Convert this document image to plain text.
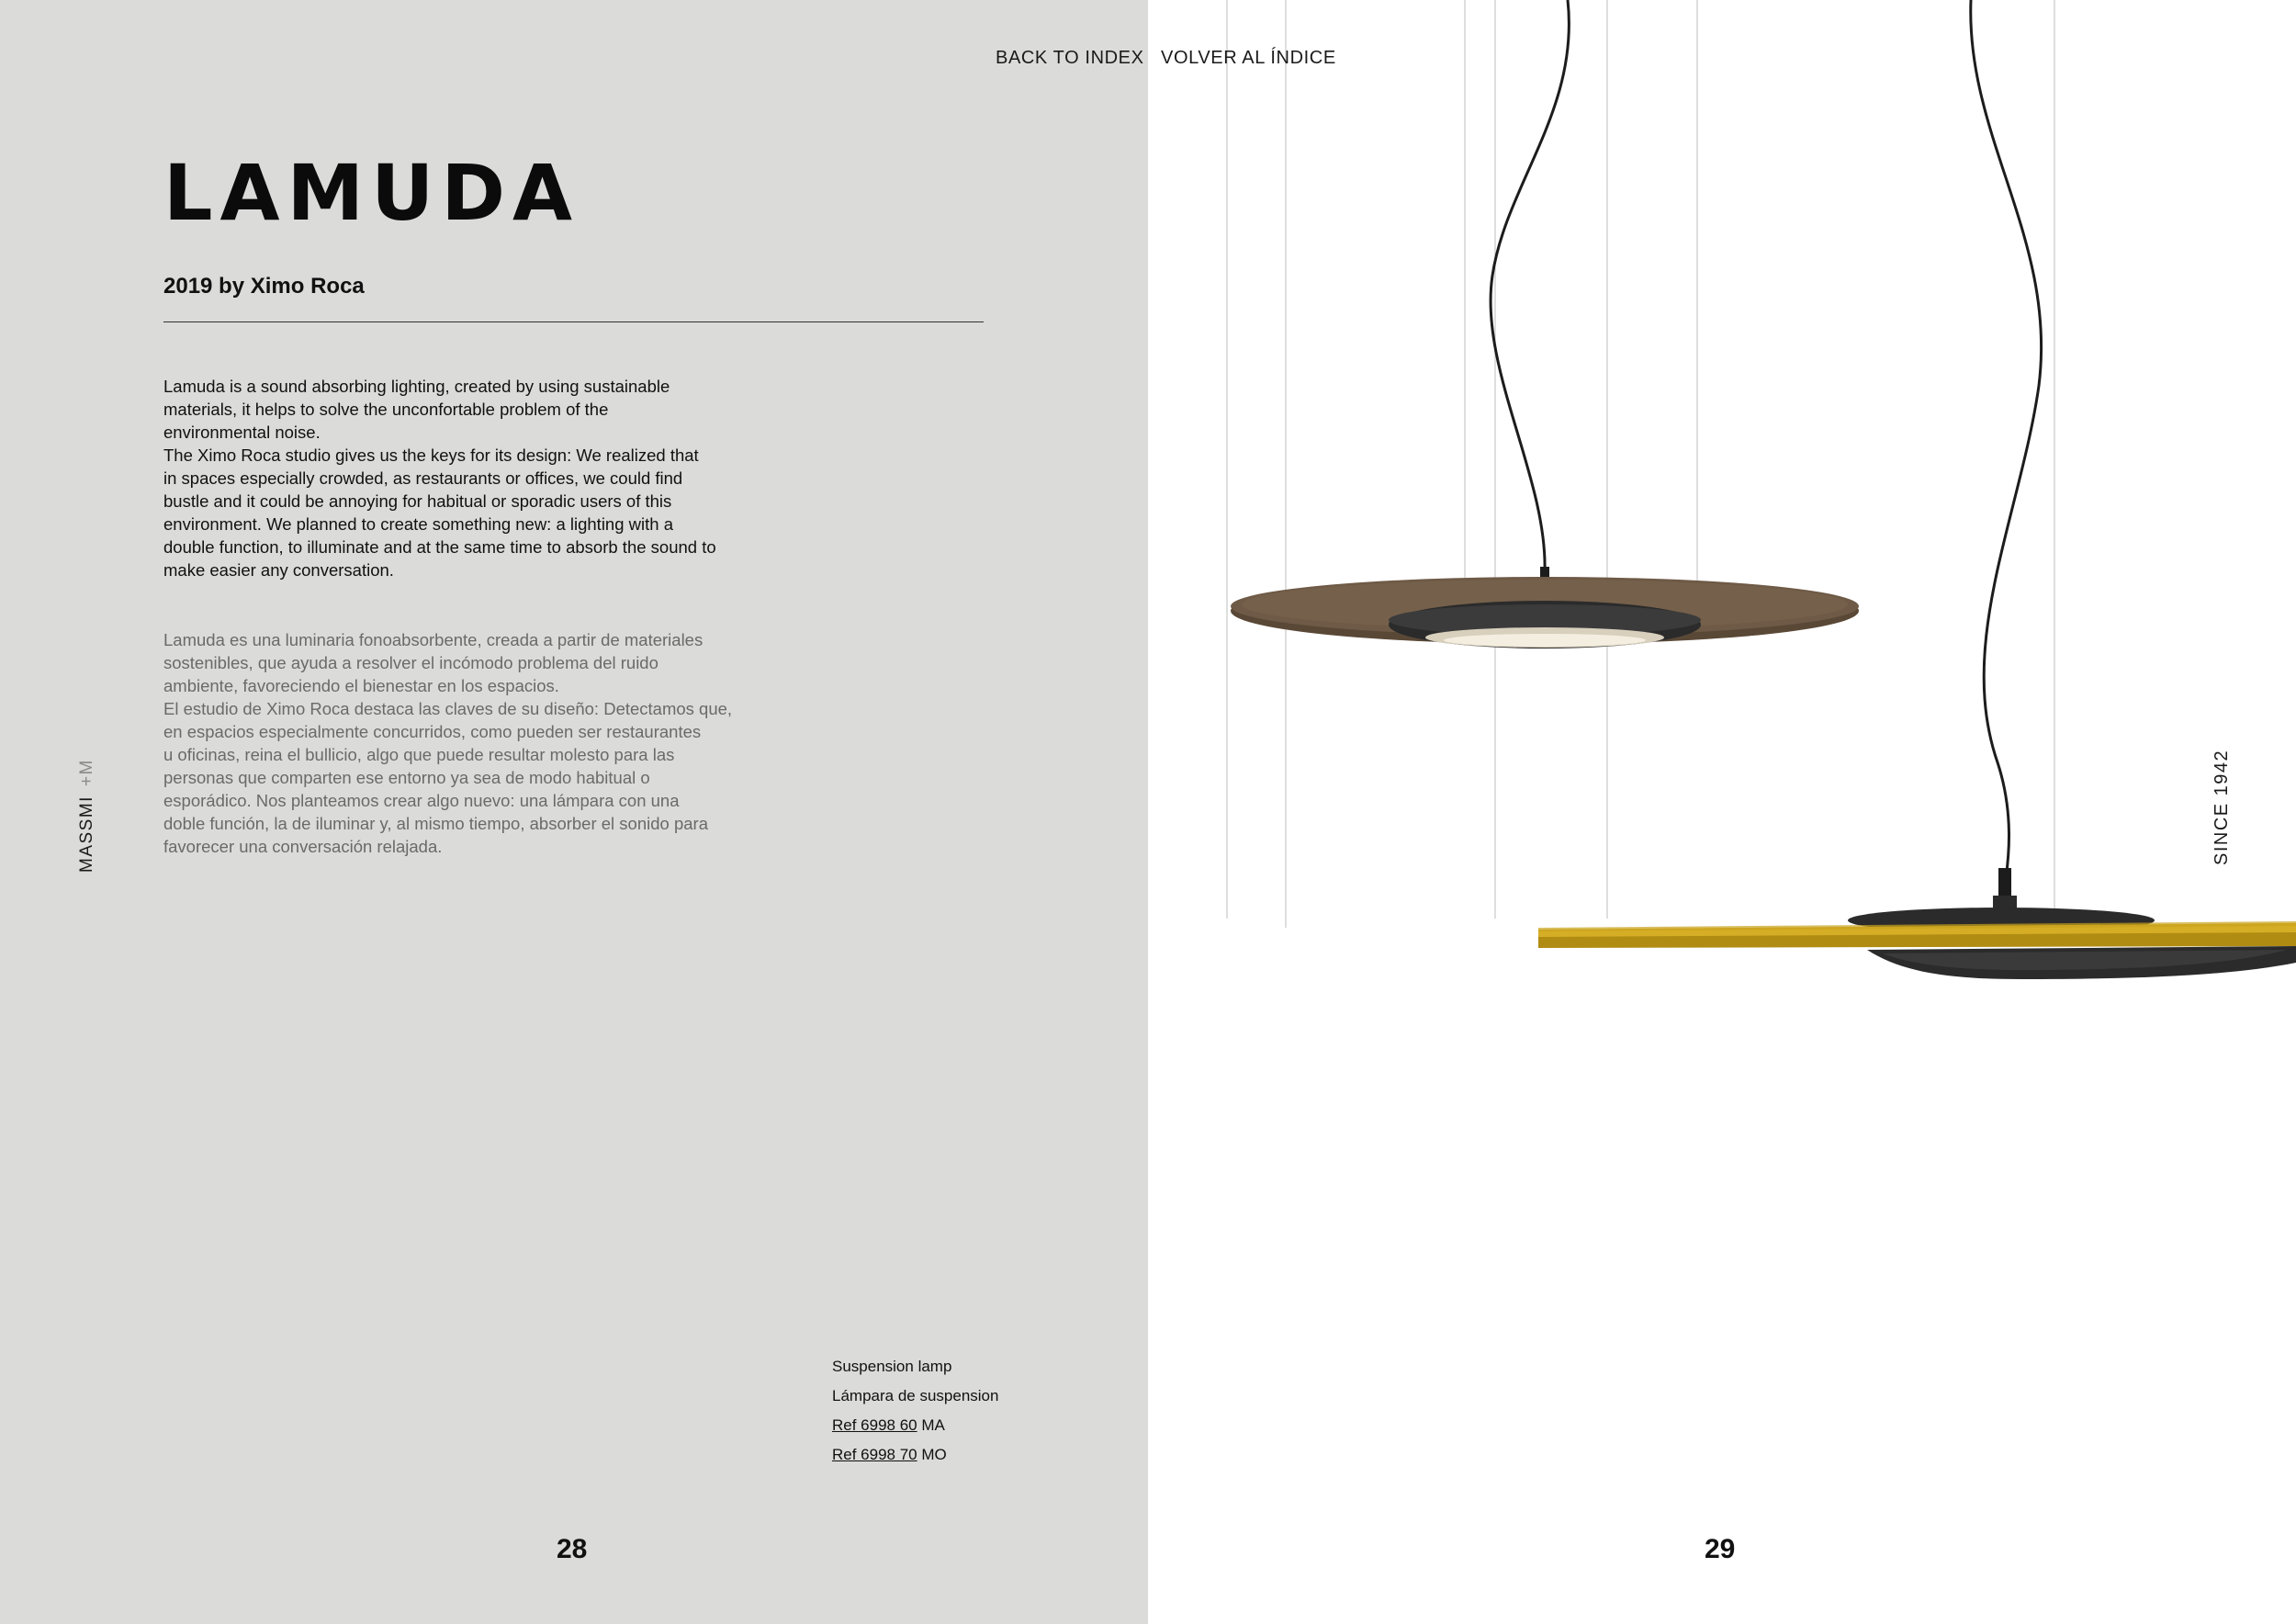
LAMUDA
2019 by Ximo Roca

Lamuda is a sound absorbing lighting, created by using sustainable

materials, it helps to solve the unconfortable problem of the

environmental noise.

The Ximo Roca studio gives us the keys for its design: We realized that

in spaces especially crowded, as restaurants or offices, we could find

bustle and it could be annoying for habitual or sporadic users of this

environment. We planned to create something new: a lighting with a

double function, to illuminate and at the same time to absorb the sound to

make easier any conversation.

Lamuda es una luminaria fonoabsorbente, creada a partir de materiales

sostenibles, que ayuda a resolver el incómodo problema del ruido

ambiente, favoreciendo el bienestar en los espacios.

El estudio de Ximo Roca destaca las claves de su diseño: Detectamos que,

en espacios especialmente concurridos, como pueden ser restaurantes

u oficinas, reina el bullicio, algo que puede resultar molesto para las

personas que comparten ese entorno ya sea de modo habitual o

esporádico. Nos planteamos crear algo nuevo: una lámpara con una

doble función, la de iluminar y, al mismo tiempo, absorber el sonido para

favorecer una conversación relajada.

MASSMI+M
Suspension lamp
Lámpara de suspension
Ref 6998 60 MA
Ref 6998 70 MO
28
BACK TO INDEX VOLVER AL ÍNDICE
SINCE 1942
29
